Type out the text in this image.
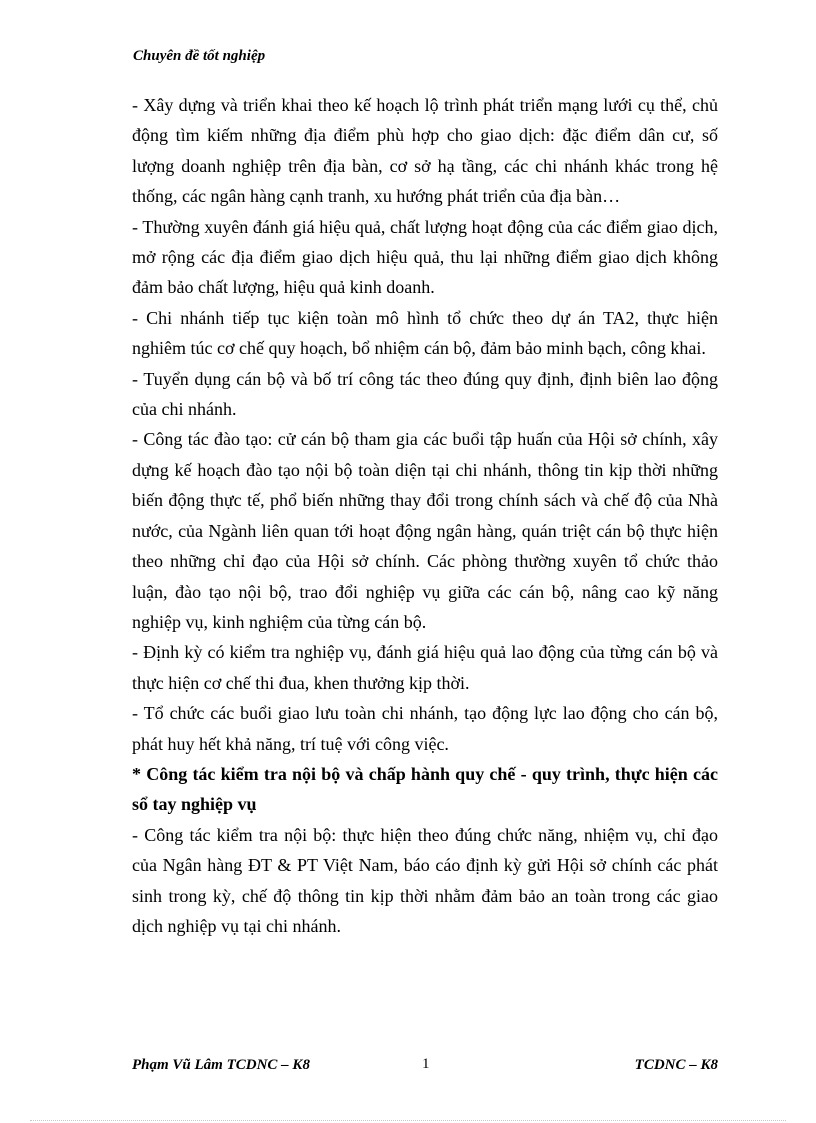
Chuyên đề tốt nghiệp

- Xây dựng và triển khai theo kế hoạch lộ trình phát triển mạng lưới cụ thể, chủ động tìm kiếm những địa điểm phù hợp cho giao dịch: đặc điểm dân cư, số lượng doanh nghiệp trên địa bàn, cơ sở hạ tầng, các chi nhánh khác trong hệ thống, các ngân hàng cạnh tranh, xu hướng phát triển của địa bàn…

- Thường xuyên đánh giá hiệu quả, chất lượng hoạt động của các điểm giao dịch, mở rộng các địa điểm giao dịch hiệu quả, thu lại những điểm giao dịch không đảm bảo chất lượng, hiệu quả kinh doanh.

- Chi nhánh tiếp tục kiện toàn mô hình tổ chức theo dự án TA2, thực hiện nghiêm túc cơ chế quy hoạch, bổ nhiệm cán bộ, đảm bảo minh bạch, công khai.

- Tuyển dụng cán bộ và bố trí công tác theo đúng quy định, định biên lao động của chi nhánh.

- Công tác đào tạo: cử cán bộ tham gia các buổi tập huấn của Hội sở chính, xây dựng kế hoạch đào tạo nội bộ toàn diện tại chi nhánh, thông tin kịp thời những biến động thực tế, phổ biến những thay đổi trong chính sách và chế độ của Nhà nước, của Ngành liên quan tới hoạt động ngân hàng, quán triệt cán bộ thực hiện theo những chỉ đạo của Hội sở chính. Các phòng thường xuyên tổ chức thảo luận, đào tạo nội bộ, trao đổi nghiệp vụ giữa các cán bộ, nâng cao kỹ năng nghiệp vụ, kinh nghiệm của từng cán bộ.

- Định kỳ có kiểm tra nghiệp vụ, đánh giá hiệu quả lao động của từng cán bộ và thực hiện cơ chế thi đua, khen thưởng kịp thời.

- Tổ chức các buổi giao lưu toàn chi nhánh, tạo động lực lao động cho cán bộ, phát huy hết khả năng, trí tuệ với công việc.

* Công tác kiểm tra nội bộ và chấp hành quy chế - quy trình, thực hiện các sổ tay nghiệp vụ

- Công tác kiểm tra nội bộ: thực hiện theo đúng chức năng, nhiệm vụ, chỉ đạo của Ngân hàng ĐT & PT Việt Nam, báo cáo định kỳ gửi Hội sở chính các phát sinh trong kỳ, chế độ thông tin kịp thời nhằm đảm bảo an toàn trong các giao dịch nghiệp vụ tại chi nhánh.

Phạm Vũ Lâm TCDNC – K8	1	TCDNC – K8
